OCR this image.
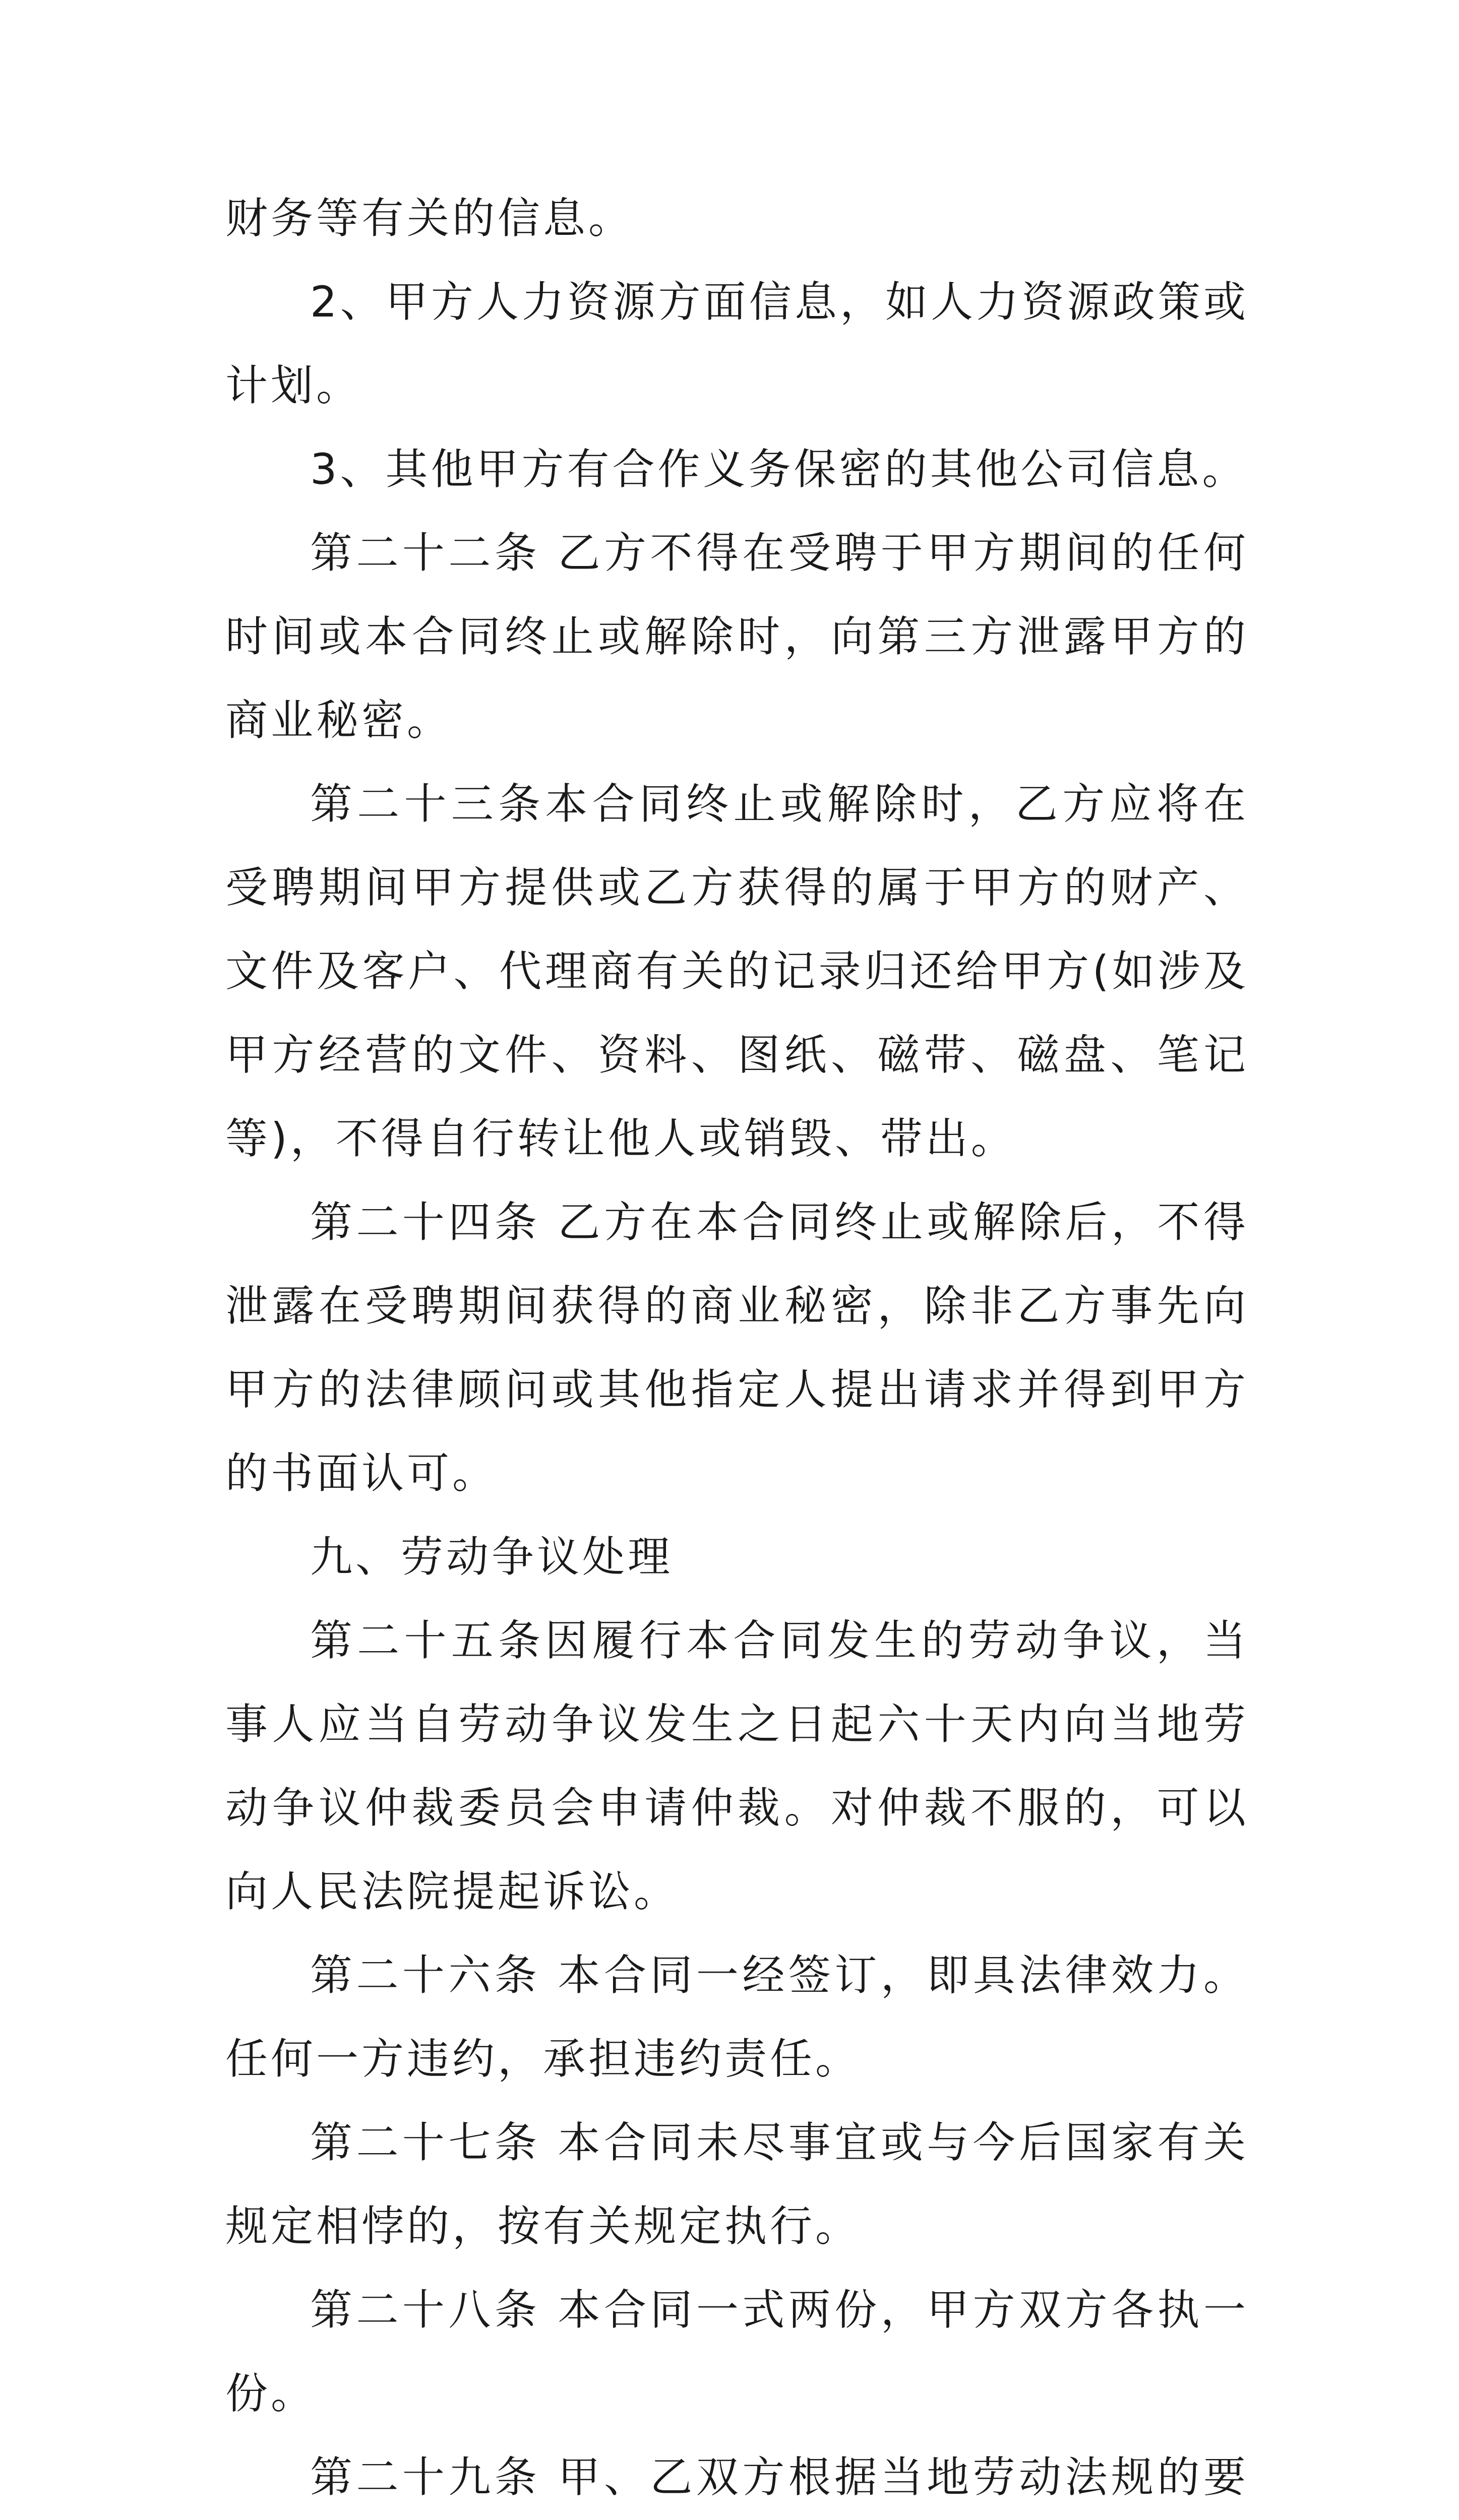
财务等有关的信息。

2、甲方人力资源方面信息，如人力资源政策或计划。

3、其他甲方有合作义务保密的其他公司信息。

第二十二条 乙方不得在受聘于甲方期间的任何时间或本合同终止或解除时，向第三方泄露甲方的商业秘密。

第二十三条本合同终止或解除时，乙方应将在受聘期间甲方提供或乙方获得的属于甲方的财产、文件及客户、代理商有关的记录归还给甲方(如涉及甲方经营的文件、资料、图纸、磁带、磁盘、笔记等)，不得自行转让他人或销毁、带出。

第二十四条 乙方在本合同终止或解除后，不得泄露在受聘期间获得的商业秘密，除非乙方事先向甲方的法律顾问或其他指定人提出请求并得到甲方的书面认可。

九、劳动争议处理

第二十五条因履行本合同发生的劳动争议，当事人应当自劳动争议发生之日起六十天内向当地劳动争议仲裁委员会申请仲裁。对仲裁不服的，可以向人民法院提起诉讼。

第二十六条 本合同一经签订，即具法律效力。任何一方违约，承担违约责任。

第二十七条 本合同未尽事宜或与今后国家有关规定相悖的，按有关规定执行。

第二十八条 本合同一式两份，甲方双方各执一份。

第二十九条 甲、乙双方根据当地劳动法规的要
